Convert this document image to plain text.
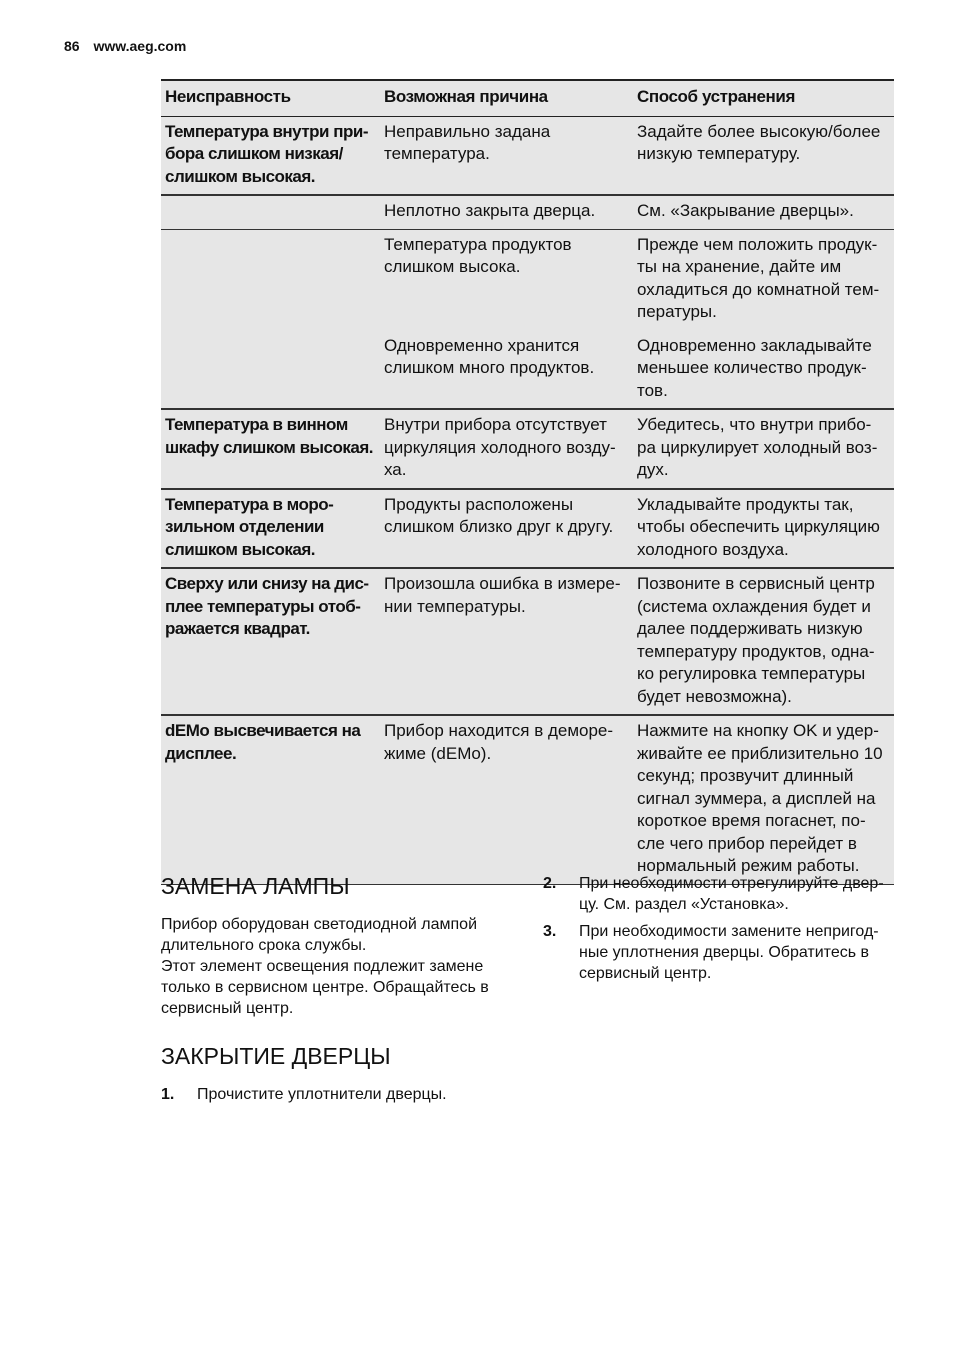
86 www.aeg.com
Неисправность	Возможная причина	Способ устранения
Температура внутри при-бора слишком низкая/слишком высокая.	Неправильно задана температура.	Задайте более высокую/более низкую температуру.
	Неплотно закрыта дверца.	См. «Закрывание дверцы».
	Температура продуктов слишком высока.	Прежде чем положить продук-ты на хранение, дайте им охладиться до комнатной тем-пературы.
	Одновременно хранится слишком много продуктов.	Одновременно закладывайте меньшее количество продук-тов.
Температура в винном шкафу слишком высокая.	Внутри прибора отсутствует циркуляция холодного возду-ха.	Убедитесь, что внутри прибо-ра циркулирует холодный воз-дух.
Температура в моро-зильном отделении слишком высокая.	Продукты расположены слишком близко друг к другу.	Укладывайте продукты так, чтобы обеспечить циркуляцию холодного воздуха.
Сверху или снизу на дис-плее температуры отоб-ражается квадрат.	Произошла ошибка в измере-нии температуры.	Позвоните в сервисный центр (система охлаждения будет и далее поддерживать низкую температуру продуктов, одна-ко регулировка температуры будет невозможна).
dEMo высвечивается на дисплее.	Прибор находится в деморе-жиме (dEMo).	Нажмите на кнопку OK и удер-живайте ее приблизительно 10 секунд; прозвучит длинный сигнал зуммера, а дисплей на короткое время погаснет, по-сле чего прибор перейдет в нормальный режим работы.
ЗАМЕНА ЛАМПЫ

Прибор оборудован светодиодной лампой длительного срока службы.

Этот элемент освещения подлежит замене только в сервисном центре. Обращайтесь в сервисный центр.

ЗАКРЫТИЕ ДВЕРЦЫ
1.	Прочистите уплотнители дверцы.
2.	При необходимости отрегулируйте двер-цу. См. раздел «Установка».
3.	При необходимости замените непригод-ные уплотнения дверцы. Обратитесь в сервисный центр.
